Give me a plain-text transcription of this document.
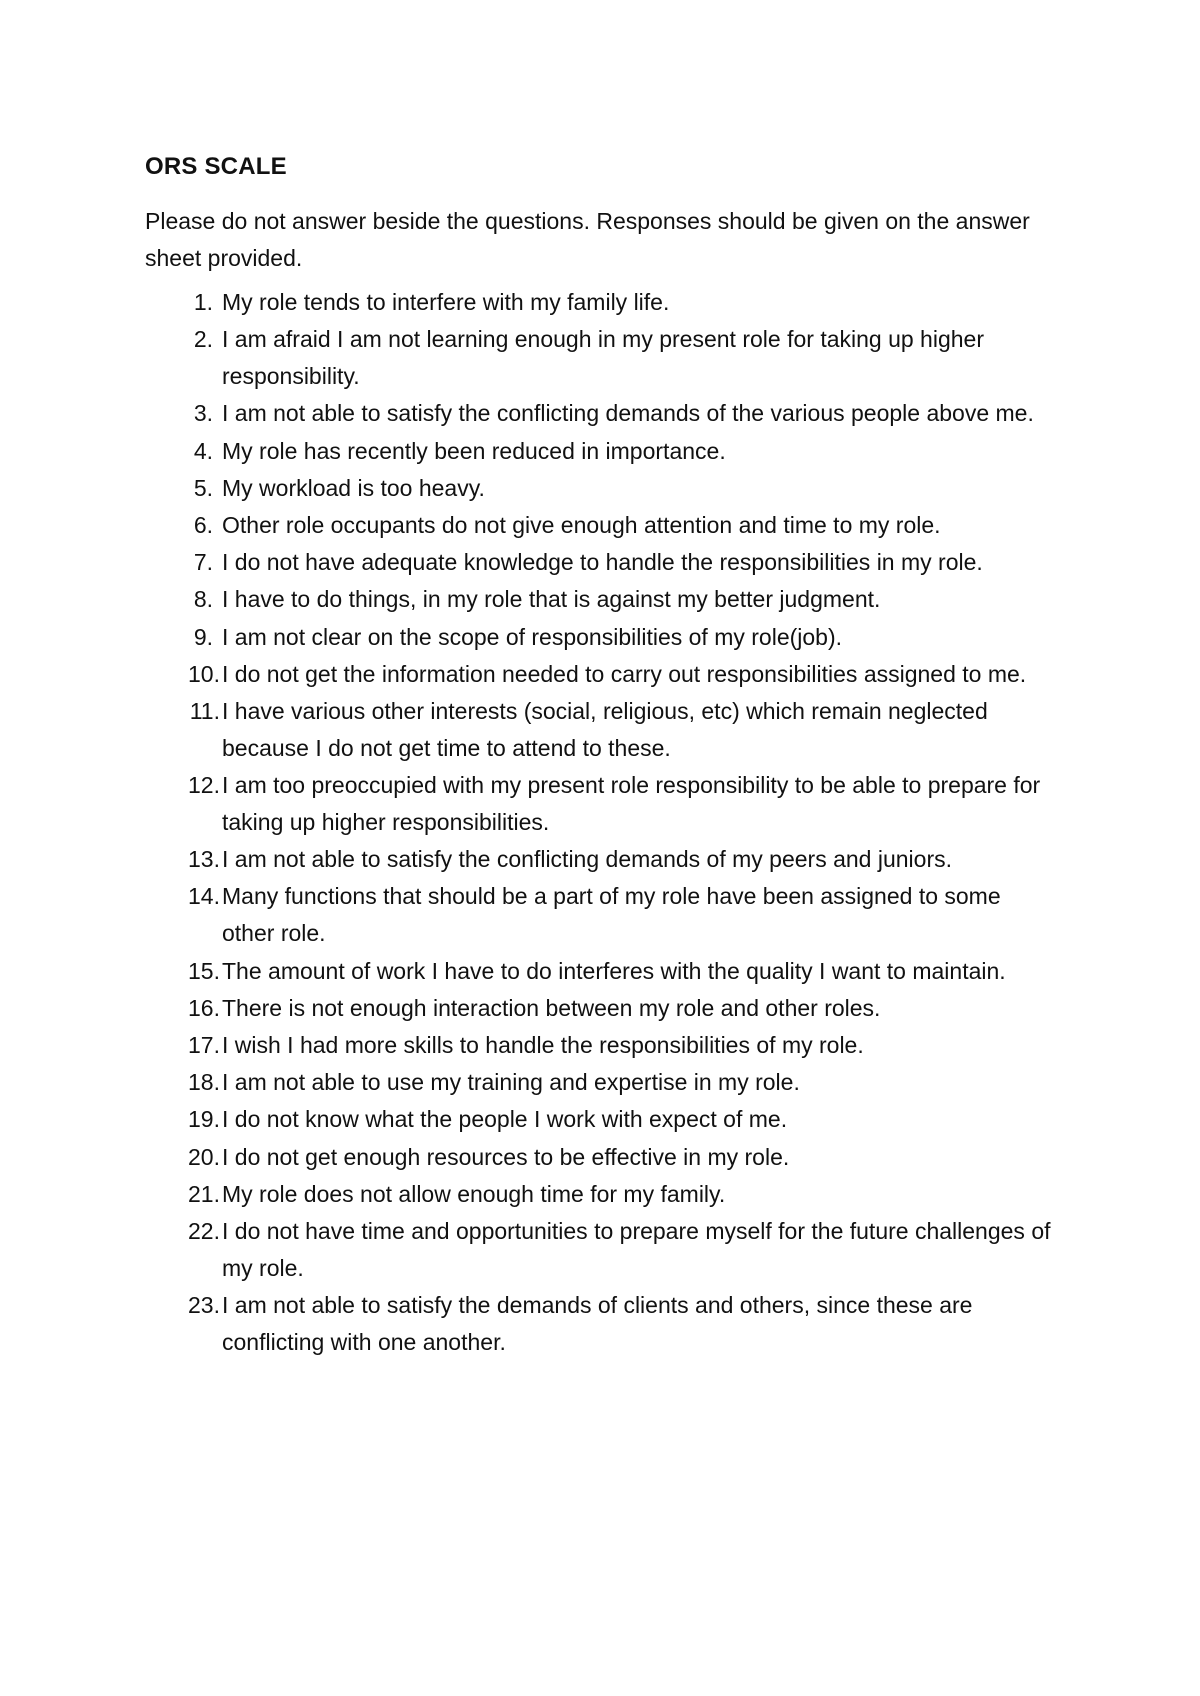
ORS SCALE

Please do not answer beside the questions. Responses should be given on the answer sheet provided.

1. My role tends to interfere with my family life.
2. I am afraid I am not learning enough in my present role for taking up higher responsibility.
3. I am not able to satisfy the conflicting demands of the various people above me.
4. My role has recently been reduced in importance.
5. My workload is too heavy.
6. Other role occupants do not give enough attention and time to my role.
7. I do not have adequate knowledge to handle the responsibilities in my role.
8. I have to do things, in my role that is against my better judgment.
9. I am not clear on the scope of responsibilities of my role(job).
10. I do not get the information needed to carry out responsibilities assigned to me.
11. I have various other interests (social, religious, etc) which remain neglected because I do not get time to attend to these.
12. I am too preoccupied with my present role responsibility to be able to prepare for taking up higher responsibilities.
13. I am not able to satisfy the conflicting demands of my peers and juniors.
14. Many functions that should be a part of my role have been assigned to some other role.
15. The amount of work I have to do interferes with the quality I want to maintain.
16. There is not enough interaction between my role and other roles.
17. I wish I had more skills to handle the responsibilities of my role.
18. I am not able to use my training and expertise in my role.
19. I do not know what the people I work with expect of me.
20. I do not get enough resources to be effective in my role.
21. My role does not allow enough time for my family.
22. I do not have time and opportunities to prepare myself for the future challenges of my role.
23. I am not able to satisfy the demands of clients and others, since these are conflicting with one another.
